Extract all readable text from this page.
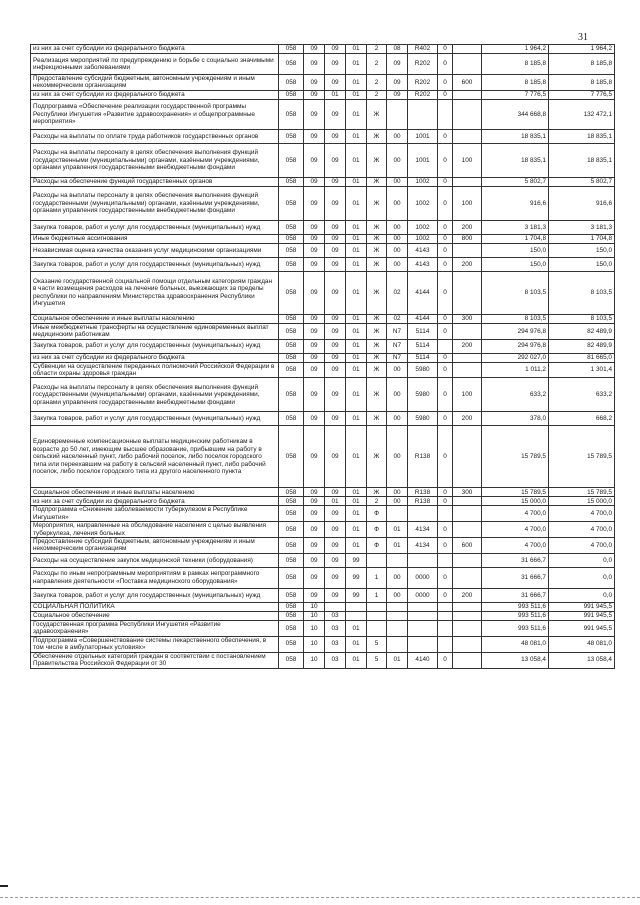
31
из них за счет субсидии из федерального бюджета	058	09	09	01	2	08	R402	0		1 964,2	1 964,2
Реализация мероприятий по предупреждению и борьбе с социально значимыми инфекционными заболеваниями	058	09	09	01	2	09	R202	0		8 185,8	8 185,8
Предоставление субсидий бюджетным, автономным учреждениям и иным некоммерческим организациям	058	09	09	01	2	09	R202	0	600	8 185,8	8 185,8
из них за счет субсидии из федерального бюджета	058	09	01	01	2	09	R202	0		7 776,5	7 776,5
Подпрограмма «Обеспечение реализации государственной программы Республики Ингушетия «Развитие здравоохранения» и общепрограммные мероприятия»	058	09	09	01	Ж					344 668,8	132 472,1
Расходы на выплаты по оплате труда работников государственных органов	058	09	09	01	Ж	00	1001	0		18 835,1	18 835,1
Расходы на выплаты персоналу в целях обеспечения выполнения функций государственными (муниципальными) органами, казёнными учреждениями, органами управления государственными внебюджетными фондами	058	09	09	01	Ж	00	1001	0	100	18 835,1	18 835,1
Расходы на обеспечение функций государственных органов	058	09	09	01	Ж	00	1002	0		5 802,7	5 802,7
Расходы на выплаты персоналу в целях обеспечения выполнения функций государственными (муниципальными) органами, казёнными учреждениями, органами управления государственными внебюджетными фондами	058	09	09	01	Ж	00	1002	0	100	916,6	916,6
Закупка товаров, работ и услуг для государственных (муниципальных) нужд	058	09	09	01	Ж	00	1002	0	200	3 181,3	3 181,3
Иные бюджетные ассигнования	058	09	09	01	Ж	00	1002	0	800	1 704,8	1 704,8
Независимая оценка качества оказания услуг медицинскими организациями	058	09	09	01	Ж	00	4143	0		150,0	150,0
Закупка товаров, работ и услуг для государственных (муниципальных) нужд	058	09	09	01	Ж	00	4143	0	200	150,0	150,0
Оказание государственной социальной помощи отдельным категориям граждан в части возмещения расходов на лечение больных, выезжающих за пределы республики по направлениям Министерства здравоохранения Республики Ингушетия	058	09	09	01	Ж	02	4144	0		8 103,5	8 103,5
Социальное обеспечение и иные выплаты населению	058	09	09	01	Ж	02	4144	0	300	8 103,5	8 103,5
Иные межбюджетные трансферты на осуществление единовременных выплат медицинским работникам	058	09	09	01	Ж	N7	5114	0		294 976,8	82 489,9
Закупка товаров, работ и услуг для государственных (муниципальных) нужд	058	09	09	01	Ж	N7	5114		200	294 976,8	82 489,9
из них за счет субсидии из федерального бюджета	058	09	09	01	Ж	N7	5114	0		292 027,0	81 665,0
Субвенции на осуществление переданных полномочий Российской Федерации в области охраны здоровья граждан	058	09	09	01	Ж	00	5980	0		1 011,2	1 301,4
Расходы на выплаты персоналу в целях обеспечения выполнения функций государственными (муниципальными) органами, казёнными учреждениями, органами управления государственными внебюджетными фондами	058	09	09	01	Ж	00	5980	0	100	633,2	633,2
Закупка товаров, работ и услуг для государственных (муниципальных) нужд	058	09	09	01	Ж	00	5980	0	200	378,0	668,2
Единовременные компенсационные выплаты медицинским работникам в возрасте до 50 лет, имеющим высшее образование, прибывшим на работу в сельский населенный пункт, либо рабочий поселок, либо поселок городского типа или переехавшим на работу в сельский населенный пункт, либо рабочий поселок, либо поселок городского типа из другого населенного пункта	058	09	09	01	Ж	00	R138	0		15 789,5	15 789,5
Социальное обеспечение и иные выплаты населению	058	09	09	01	Ж	00	R138	0	300	15 789,5	15 789,5
из них за счет субсидии из федерального бюджета	058	09	01	01	2	00	R138	0		15 000,0	15 000,0
Подпрограмма «Снижение заболеваемости туберкулезом в Республике Ингушетия»	058	09	09	01	Ф					4 700,0	4 700,0
Мероприятия, направленные на обследование населения с целью выявления туберкулеза, лечения больных	058	09	09	01	Ф	01	4134	0		4 700,0	4 700,0
Предоставление субсидий бюджетным, автономным учреждениям и иным некоммерческим организациям	058	09	09	01	Ф	01	4134	0	600	4 700,0	4 700,0
Расходы на осуществление закупок медицинской техники (оборудования)	058	09	09	99						31 666,7	0,0
Расходы по иным непрограммным мероприятиям в рамках непрограммного направления деятельности «Поставка медицинского оборудования»	058	09	09	99	1	00	0000	0		31 666,7	0,0
Закупка товаров, работ и услуг для государственных (муниципальных) нужд	058	09	09	99	1	00	0000	0	200	31 666,7	0,0
СОЦИАЛЬНАЯ ПОЛИТИКА	058	10								993 511,6	991 945,5
Социальное обеспечение	058	10	03							993 511,6	991 945,5
Государственная программа Республики Ингушетия «Развитие здравоохранения»	058	10	03	01						993 511,6	991 945,5
Подпрограмма «Совершенствование системы лекарственного обеспечения, в том числе в амбулаторных условиях»	058	10	03	01	5					48 081,0	48 081,0
Обеспечение отдельных категорий граждан в соответствии с постановлением Правительства Российской Федерации от 30	058	10	03	01	5	01	4140	0		13 058,4	13 058,4
